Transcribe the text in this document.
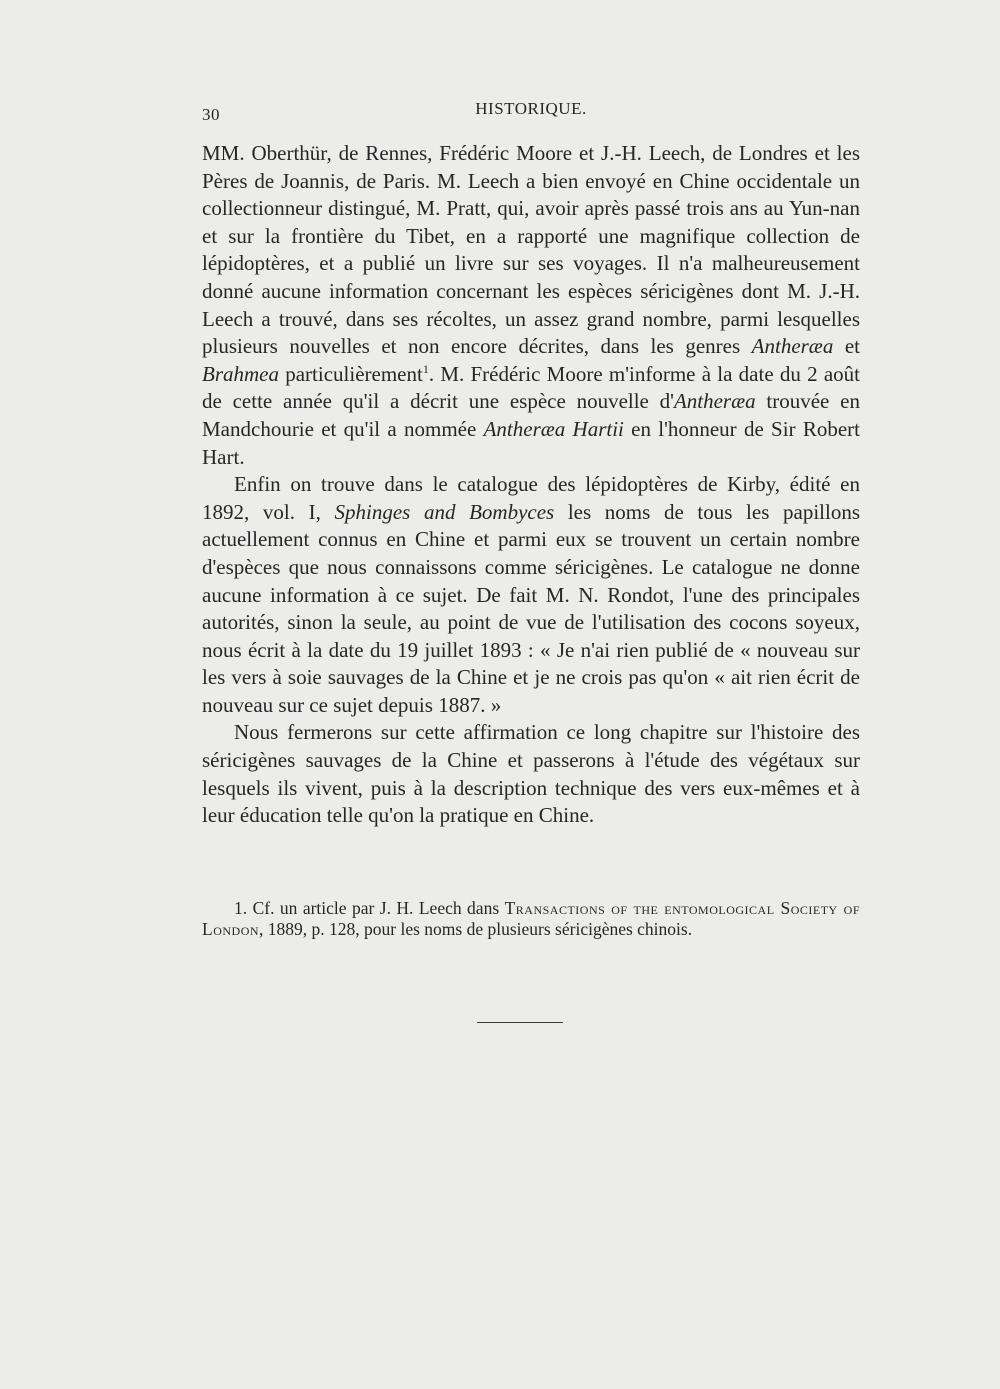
30	HISTORIQUE.

MM. Oberthür, de Rennes, Frédéric Moore et J.-H. Leech, de Londres et les Pères de Joannis, de Paris. M. Leech a bien envoyé en Chine occidentale un collectionneur distingué, M. Pratt, qui, avoir après passé trois ans au Yun-nan et sur la frontière du Tibet, en a rapporté une magnifique collection de lépidoptères, et a publié un livre sur ses voyages. Il n'a malheureusement donné aucune information concernant les espèces séricigènes dont M. J.-H. Leech a trouvé, dans ses récoltes, un assez grand nombre, parmi lesquelles plusieurs nouvelles et non encore décrites, dans les genres Antheræa et Brahmea particulièrement$^1$. M. Frédéric Moore m'informe à la date du 2 août de cette année qu'il a décrit une espèce nouvelle d'Antheræa trouvée en Mandchourie et qu'il a nommée Antheræa Hartii en l'honneur de Sir Robert Hart.

Enfin on trouve dans le catalogue des lépidoptères de Kirby, édité en 1892, vol. I, Sphinges and Bombyces les noms de tous les papillons actuellement connus en Chine et parmi eux se trouvent un certain nombre d'espèces que nous connaissons comme séricigènes. Le catalogue ne donne aucune information à ce sujet. De fait M. N. Rondot, l'une des principales autorités, sinon la seule, au point de vue de l'utilisation des cocons soyeux, nous écrit à la date du 19 juillet 1893 : « Je n'ai rien publié de « nouveau sur les vers à soie sauvages de la Chine et je ne crois pas qu'on « ait rien écrit de nouveau sur ce sujet depuis 1887. »

Nous fermerons sur cette affirmation ce long chapitre sur l'histoire des séricigènes sauvages de la Chine et passerons à l'étude des végétaux sur lesquels ils vivent, puis à la description technique des vers eux-mêmes et à leur éducation telle qu'on la pratique en Chine.

1. Cf. un article par J. H. Leech dans Transactions of the entomological Society of London, 1889, p. 128, pour les noms de plusieurs séricigènes chinois.
